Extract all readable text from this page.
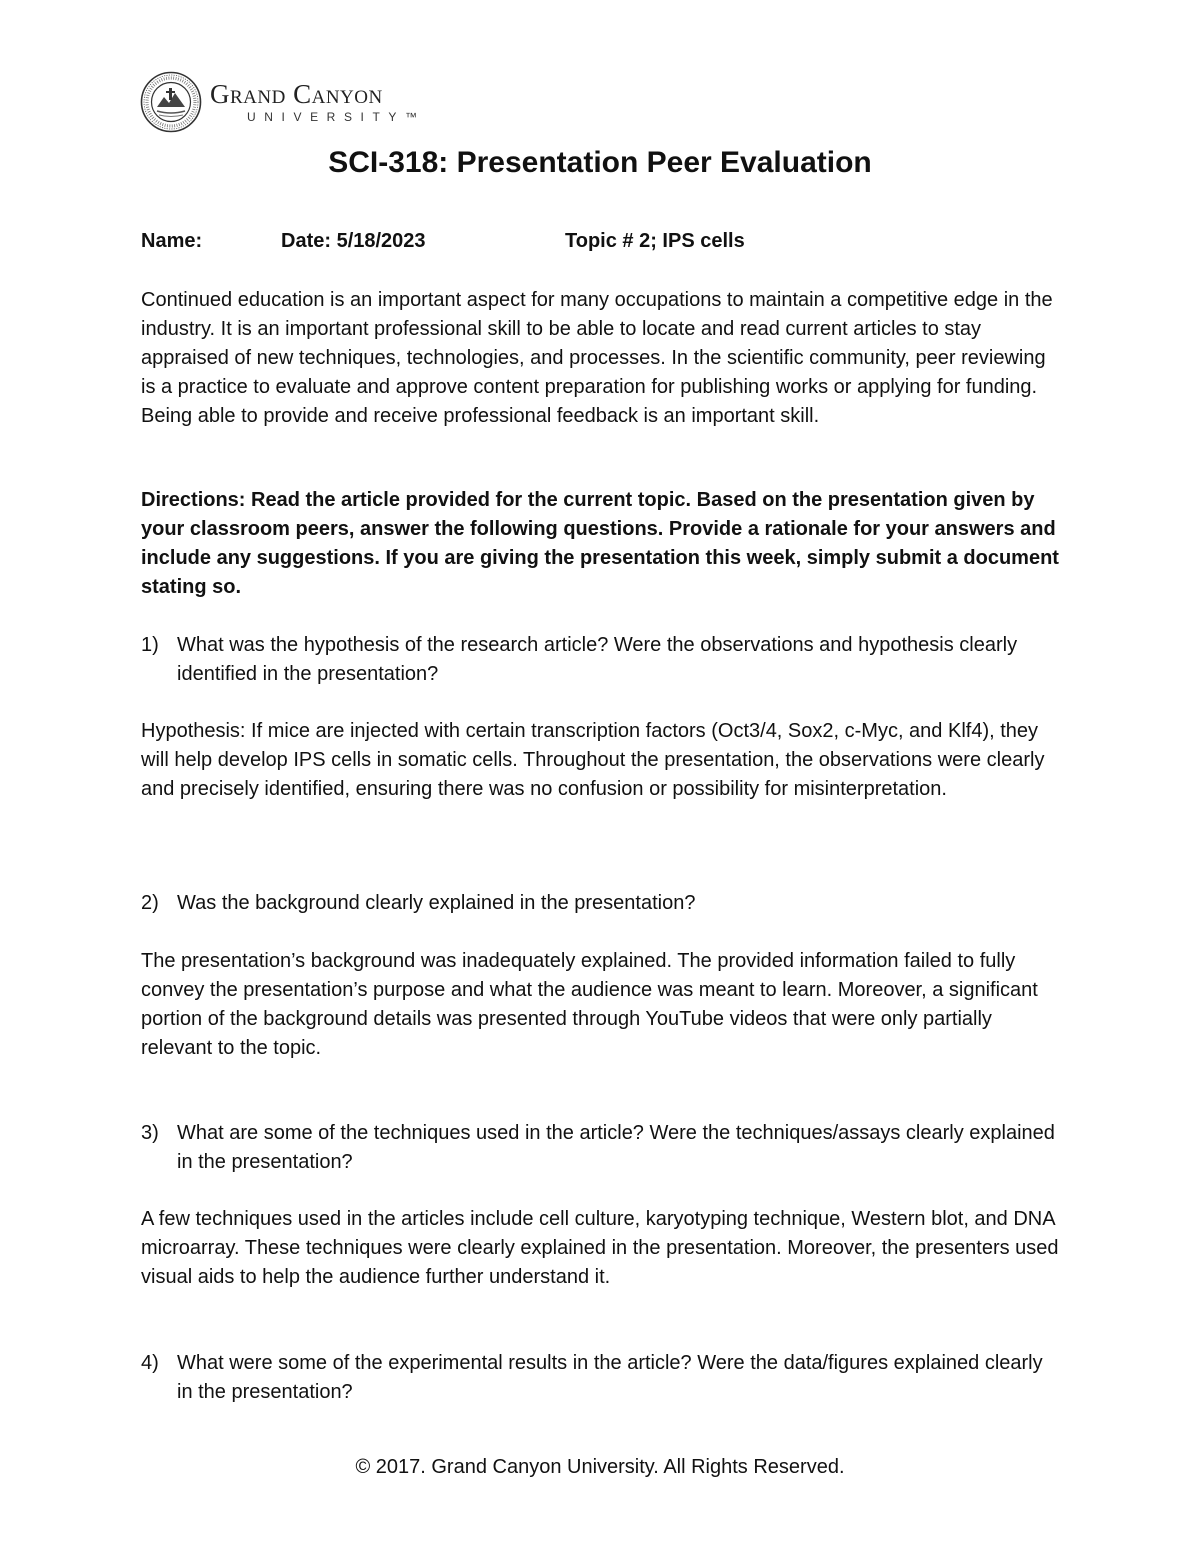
Grand Canyon
UNIVERSITY™
SCI-318: Presentation Peer Evaluation
Name:	Date: 5/18/2023	Topic # 2; IPS cells

Continued education is an important aspect for many occupations to maintain a competitive edge in the industry. It is an important professional skill to be able to locate and read current articles to stay appraised of new techniques, technologies, and processes. In the scientific community, peer reviewing is a practice to evaluate and approve content preparation for publishing works or applying for funding. Being able to provide and receive professional feedback is an important skill.

Directions: Read the article provided for the current topic. Based on the presentation given by your classroom peers, answer the following questions. Provide a rationale for your answers and include any suggestions. If you are giving the presentation this week, simply submit a document stating so.

1) What was the hypothesis of the research article? Were the observations and hypothesis clearly identified in the presentation?

Hypothesis: If mice are injected with certain transcription factors (Oct3/4, Sox2, c-Myc, and Klf4), they will help develop IPS cells in somatic cells. Throughout the presentation, the observations were clearly and precisely identified, ensuring there was no confusion or possibility for misinterpretation.

2) Was the background clearly explained in the presentation?

The presentation’s background was inadequately explained. The provided information failed to fully convey the presentation’s purpose and what the audience was meant to learn. Moreover, a significant portion of the background details was presented through YouTube videos that were only partially relevant to the topic.

3) What are some of the techniques used in the article? Were the techniques/assays clearly explained in the presentation?

A few techniques used in the articles include cell culture, karyotyping technique, Western blot, and DNA microarray. These techniques were clearly explained in the presentation. Moreover, the presenters used visual aids to help the audience further understand it.

4) What were some of the experimental results in the article? Were the data/figures explained clearly in the presentation?
© 2017. Grand Canyon University. All Rights Reserved.
